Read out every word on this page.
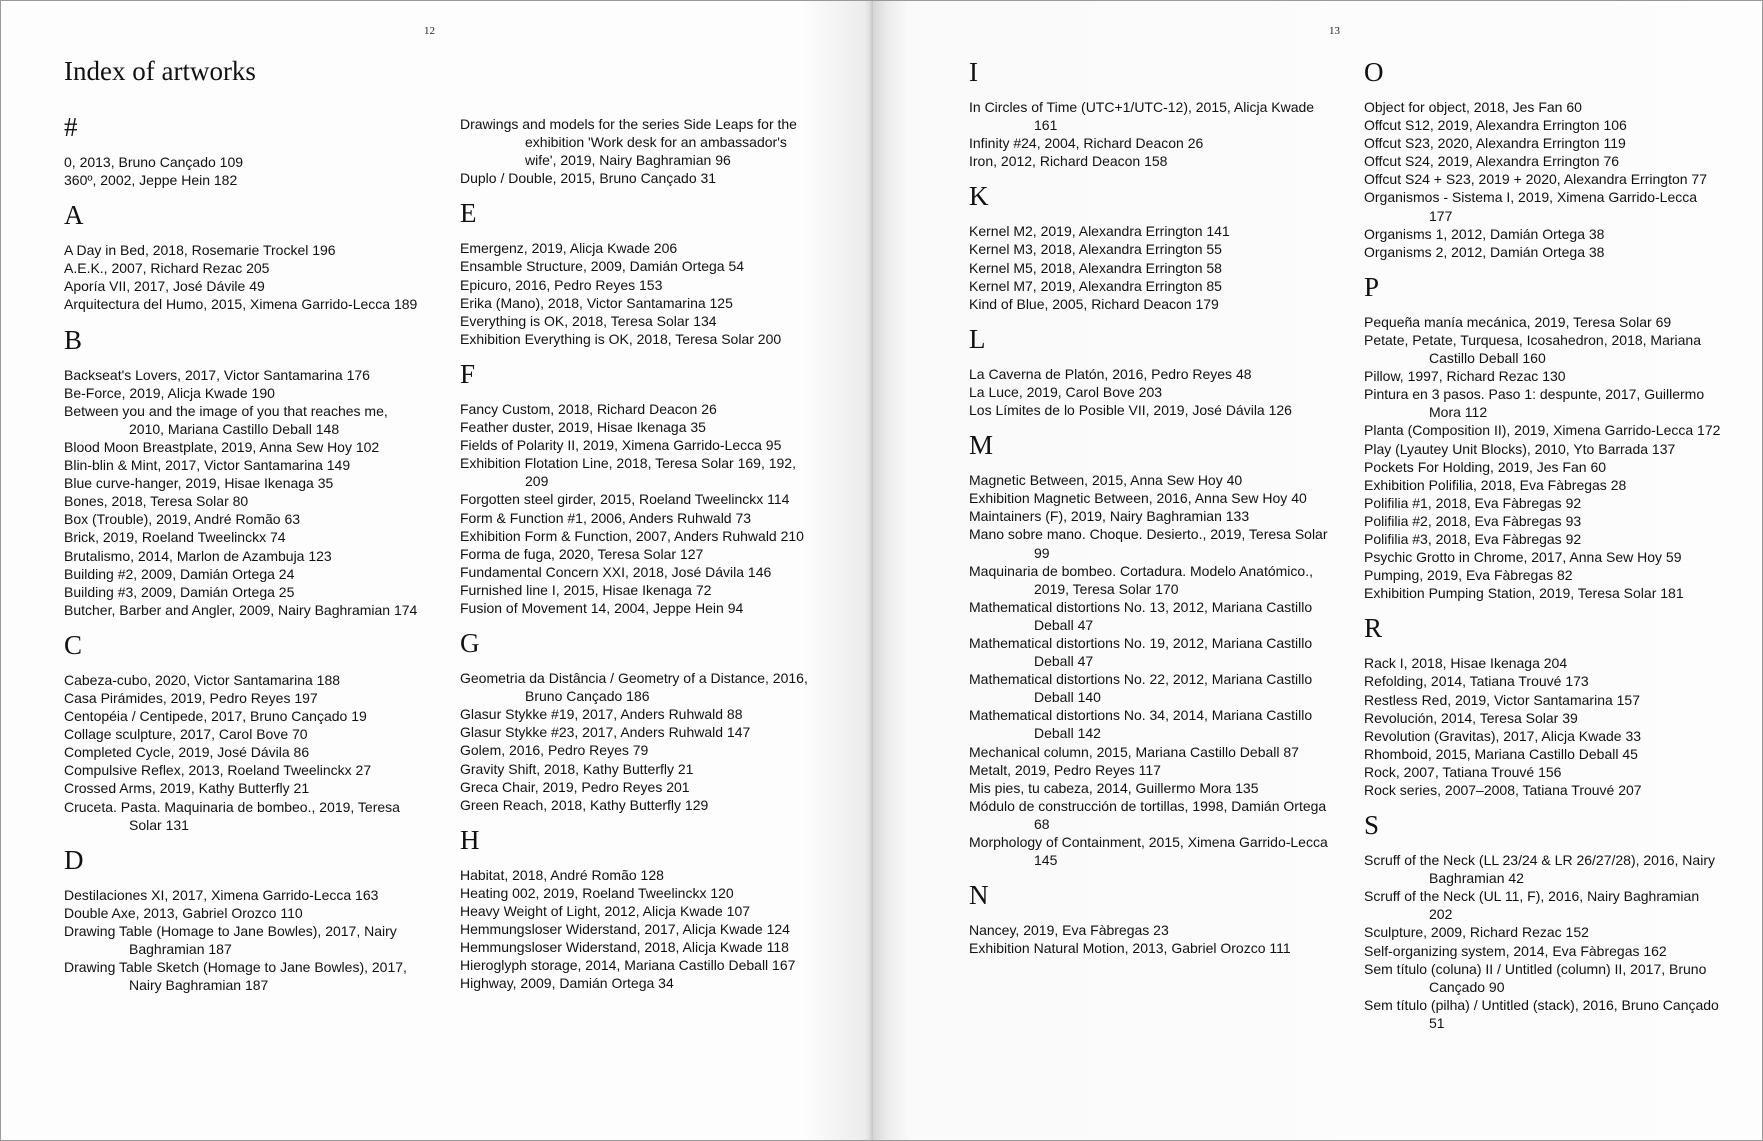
12
Index of artworks
#
0, 2013, Bruno Cançado 109
360º, 2002, Jeppe Hein 182
A
A Day in Bed, 2018, Rosemarie Trockel 196
A.E.K., 2007, Richard Rezac 205
Aporía VII, 2017, José Dávile 49
Arquitectura del Humo, 2015, Ximena Garrido-Lecca 189
B
Backseat's Lovers, 2017, Victor Santamarina 176
Be-Force, 2019, Alicja Kwade 190
Between you and the image of you that reaches me, 2010, Mariana Castillo Deball 148
Blood Moon Breastplate, 2019, Anna Sew Hoy 102
Blin-blin & Mint, 2017, Victor Santamarina 149
Blue curve-hanger, 2019, Hisae Ikenaga 35
Bones, 2018, Teresa Solar 80
Box (Trouble), 2019, André Romão 63
Brick, 2019, Roeland Tweelinckx 74
Brutalismo, 2014, Marlon de Azambuja 123
Building #2, 2009, Damián Ortega 24
Building #3, 2009, Damián Ortega 25
Butcher, Barber and Angler, 2009, Nairy Baghramian 174
C
Cabeza-cubo, 2020, Victor Santamarina 188
Casa Pirámides, 2019, Pedro Reyes 197
Centopéia / Centipede, 2017, Bruno Cançado 19
Collage sculpture, 2017, Carol Bove 70
Completed Cycle, 2019, José Dávila 86
Compulsive Reflex, 2013, Roeland Tweelinckx 27
Crossed Arms, 2019, Kathy Butterfly 21
Cruceta. Pasta. Maquinaria de bombeo., 2019, Teresa Solar 131
D
Destilaciones XI, 2017, Ximena Garrido-Lecca 163
Double Axe, 2013, Gabriel Orozco 110
Drawing Table (Homage to Jane Bowles), 2017, Nairy Baghramian 187
Drawing Table Sketch (Homage to Jane Bowles), 2017, Nairy Baghramian 187
Drawings and models for the series Side Leaps for the exhibition 'Work desk for an ambassador's wife', 2019, Nairy Baghramian 96
Duplo / Double, 2015, Bruno Cançado 31
E
Emergenz, 2019, Alicja Kwade 206
Ensamble Structure, 2009, Damián Ortega 54
Epicuro, 2016, Pedro Reyes 153
Erika (Mano), 2018, Victor Santamarina 125
Everything is OK, 2018, Teresa Solar 134
Exhibition Everything is OK, 2018, Teresa Solar 200
F
Fancy Custom, 2018, Richard Deacon 26
Feather duster, 2019, Hisae Ikenaga 35
Fields of Polarity II, 2019, Ximena Garrido-Lecca 95
Exhibition Flotation Line, 2018, Teresa Solar 169, 192, 209
Forgotten steel girder, 2015, Roeland Tweelinckx 114
Form & Function #1, 2006, Anders Ruhwald 73
Exhibition Form & Function, 2007, Anders Ruhwald 210
Forma de fuga, 2020, Teresa Solar 127
Fundamental Concern XXI, 2018, José Dávila 146
Furnished line I, 2015, Hisae Ikenaga 72
Fusion of Movement 14, 2004, Jeppe Hein 94
G
Geometria da Distância / Geometry of a Distance, 2016, Bruno Cançado 186
Glasur Stykke #19, 2017, Anders Ruhwald 88
Glasur Stykke #23, 2017, Anders Ruhwald 147
Golem, 2016, Pedro Reyes 79
Gravity Shift, 2018, Kathy Butterfly 21
Greca Chair, 2019, Pedro Reyes 201
Green Reach, 2018, Kathy Butterfly 129
H
Habitat, 2018, André Romão 128
Heating 002, 2019, Roeland Tweelinckx 120
Heavy Weight of Light, 2012, Alicja Kwade 107
Hemmungsloser Widerstand, 2017, Alicja Kwade 124
Hemmungsloser Widerstand, 2018, Alicja Kwade 118
Hieroglyph storage, 2014, Mariana Castillo Deball 167
Highway, 2009, Damián Ortega 34
13
I
In Circles of Time (UTC+1/UTC-12), 2015, Alicja Kwade 161
Infinity #24, 2004, Richard Deacon 26
Iron, 2012, Richard Deacon 158
K
Kernel M2, 2019, Alexandra Errington 141
Kernel M3, 2018, Alexandra Errington 55
Kernel M5, 2018, Alexandra Errington 58
Kernel M7, 2019, Alexandra Errington 85
Kind of Blue, 2005, Richard Deacon 179
L
La Caverna de Platón, 2016, Pedro Reyes 48
La Luce, 2019, Carol Bove 203
Los Límites de lo Posible VII, 2019, José Dávila 126
M
Magnetic Between, 2015, Anna Sew Hoy 40
Exhibition Magnetic Between, 2016, Anna Sew Hoy 40
Maintainers (F), 2019, Nairy Baghramian 133
Mano sobre mano. Choque. Desierto., 2019, Teresa Solar 99
Maquinaria de bombeo. Cortadura. Modelo Anatómico., 2019, Teresa Solar 170
Mathematical distortions No. 13, 2012, Mariana Castillo Deball 47
Mathematical distortions No. 19, 2012, Mariana Castillo Deball 47
Mathematical distortions No. 22, 2012, Mariana Castillo Deball 140
Mathematical distortions No. 34, 2014, Mariana Castillo Deball 142
Mechanical column, 2015, Mariana Castillo Deball 87
Metalt, 2019, Pedro Reyes 117
Mis pies, tu cabeza, 2014, Guillermo Mora 135
Módulo de construcción de tortillas, 1998, Damián Ortega 68
Morphology of Containment, 2015, Ximena Garrido-Lecca 145
N
Nancey, 2019, Eva Fàbregas 23
Exhibition Natural Motion, 2013, Gabriel Orozco 111
O
Object for object, 2018, Jes Fan 60
Offcut S12, 2019, Alexandra Errington 106
Offcut S23, 2020, Alexandra Errington 119
Offcut S24, 2019, Alexandra Errington 76
Offcut S24 + S23, 2019 + 2020, Alexandra Errington 77
Organismos - Sistema I, 2019, Ximena Garrido-Lecca 177
Organisms 1, 2012, Damián Ortega 38
Organisms 2, 2012, Damián Ortega 38
P
Pequeña manía mecánica, 2019, Teresa Solar 69
Petate, Petate, Turquesa, Icosahedron, 2018, Mariana Castillo Deball 160
Pillow, 1997, Richard Rezac 130
Pintura en 3 pasos. Paso 1: despunte, 2017, Guillermo Mora 112
Planta (Composition II), 2019, Ximena Garrido-Lecca 172
Play (Lyautey Unit Blocks), 2010, Yto Barrada 137
Pockets For Holding, 2019, Jes Fan 60
Exhibition Polifilia, 2018, Eva Fàbregas 28
Polifilia #1, 2018, Eva Fàbregas 92
Polifilia #2, 2018, Eva Fàbregas 93
Polifilia #3, 2018, Eva Fàbregas 92
Psychic Grotto in Chrome, 2017, Anna Sew Hoy 59
Pumping, 2019, Eva Fàbregas 82
Exhibition Pumping Station, 2019, Teresa Solar 181
R
Rack I, 2018, Hisae Ikenaga 204
Refolding, 2014, Tatiana Trouvé 173
Restless Red, 2019, Victor Santamarina 157
Revolución, 2014, Teresa Solar 39
Revolution (Gravitas), 2017, Alicja Kwade 33
Rhomboid, 2015, Mariana Castillo Deball 45
Rock, 2007, Tatiana Trouvé 156
Rock series, 2007–2008, Tatiana Trouvé 207
S
Scruff of the Neck (LL 23/24 & LR 26/27/28), 2016, Nairy Baghramian 42
Scruff of the Neck (UL 11, F), 2016, Nairy Baghramian 202
Sculpture, 2009, Richard Rezac 152
Self-organizing system, 2014, Eva Fàbregas 162
Sem título (coluna) II / Untitled (column) II, 2017, Bruno Cançado 90
Sem título (pilha) / Untitled (stack), 2016, Bruno Cançado 51
